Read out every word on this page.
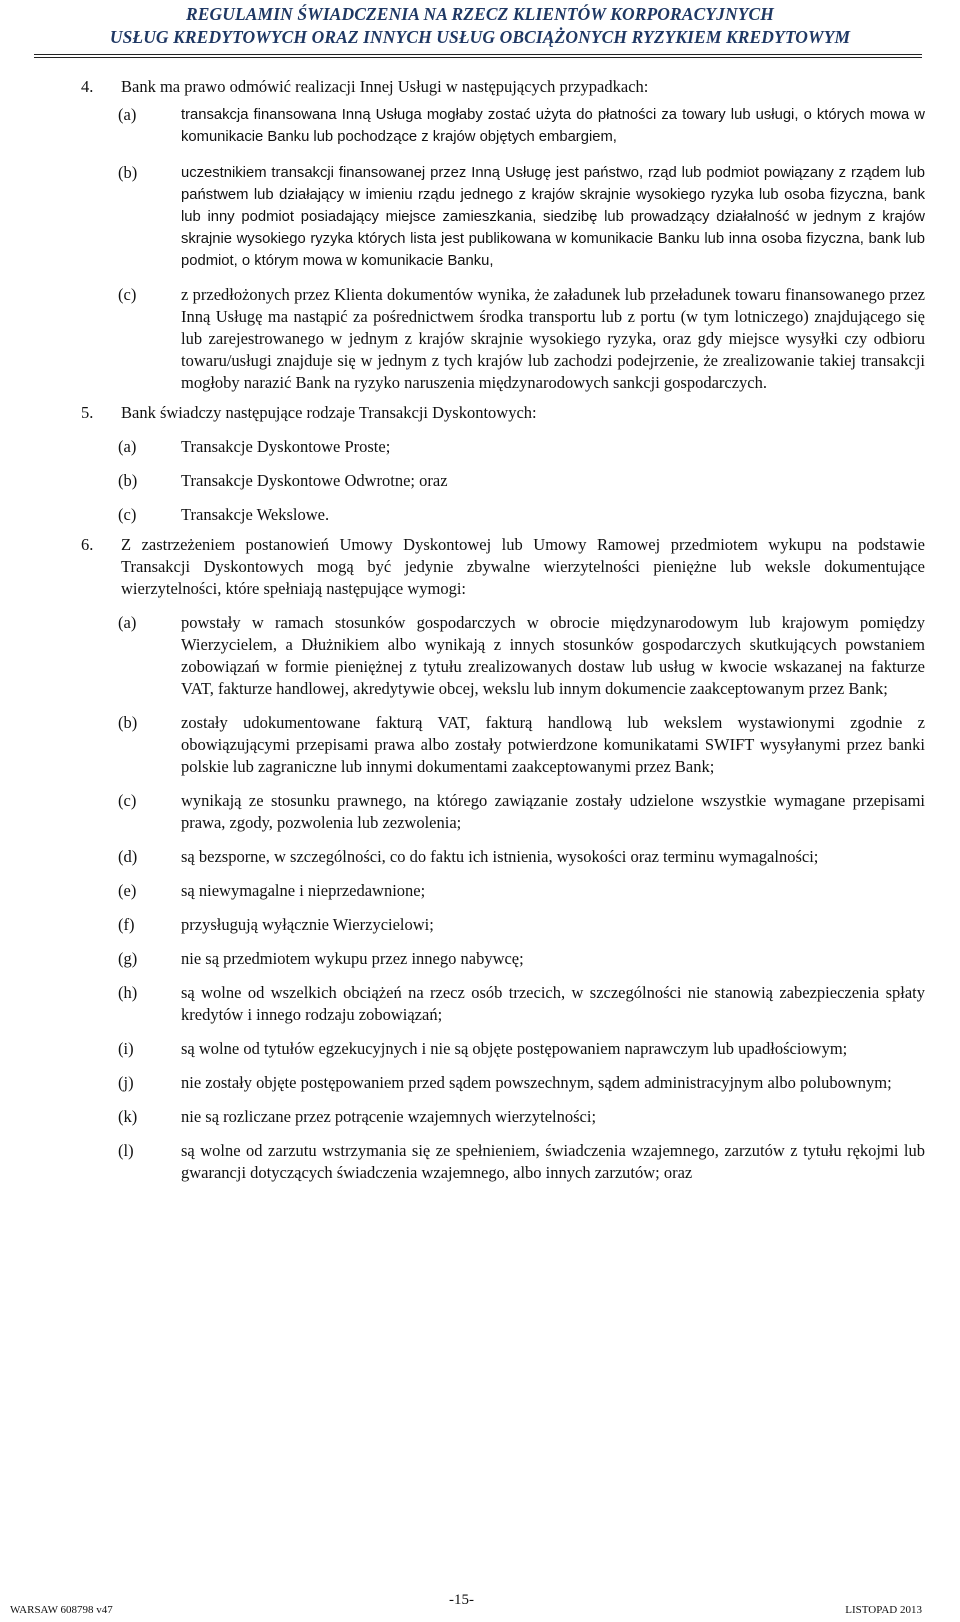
REGULAMIN ŚWIADCZENIA NA RZECZ KLIENTÓW KORPORACYJNYCH
USŁUG KREDYTOWYCH ORAZ INNYCH USŁUG OBCIĄŻONYCH RYZYKIEM KREDYTOWYM
4. Bank ma prawo odmówić realizacji Innej Usługi w następujących przypadkach:
(a)	transakcja finansowana Inną Usługa mogłaby zostać użyta do płatności za towary lub usługi, o których mowa w komunikacie Banku lub pochodzące z krajów objętych embargiem,
(b)	uczestnikiem transakcji finansowanej przez Inną Usługę jest państwo, rząd lub podmiot powiązany z rządem lub państwem lub działający w imieniu rządu jednego z krajów skrajnie wysokiego ryzyka lub osoba fizyczna, bank lub inny podmiot posiadający miejsce zamieszkania, siedzibę lub prowadzący działalność w jednym z krajów skrajnie wysokiego ryzyka których lista jest publikowana w komunikacie Banku lub inna osoba fizyczna, bank lub podmiot, o którym mowa w komunikacie Banku,
(c)	z przedłożonych przez Klienta dokumentów wynika, że załadunek lub przeładunek towaru finansowanego przez Inną Usługę ma nastąpić za pośrednictwem środka transportu lub z portu (w tym lotniczego) znajdującego się lub zarejestrowanego w jednym z krajów skrajnie wysokiego ryzyka, oraz gdy miejsce wysyłki czy odbioru towaru/usługi znajduje się w jednym z tych krajów lub zachodzi podejrzenie, że zrealizowanie takiej transakcji mogłoby narazić Bank na ryzyko naruszenia międzynarodowych sankcji gospodarczych.
5. Bank świadczy następujące rodzaje Transakcji Dyskontowych:
(a)	Transakcje Dyskontowe Proste;
(b)	Transakcje Dyskontowe Odwrotne; oraz
(c)	Transakcje Wekslowe.
6. Z zastrzeżeniem postanowień Umowy Dyskontowej lub Umowy Ramowej przedmiotem wykupu na podstawie Transakcji Dyskontowych mogą być jedynie zbywalne wierzytelności pieniężne lub weksle dokumentujące wierzytelności, które spełniają następujące wymogi:
(a)	powstały w ramach stosunków gospodarczych w obrocie międzynarodowym lub krajowym pomiędzy Wierzycielem, a Dłużnikiem albo wynikają z innych stosunków gospodarczych skutkujących powstaniem zobowiązań w formie pieniężnej z tytułu zrealizowanych dostaw lub usług w kwocie wskazanej na fakturze VAT, fakturze handlowej, akredytywie obcej, wekslu lub innym dokumencie zaakceptowanym przez Bank;
(b)	zostały udokumentowane fakturą VAT, fakturą handlową lub wekslem wystawionymi zgodnie z obowiązującymi przepisami prawa albo zostały potwierdzone komunikatami SWIFT wysyłanymi przez banki polskie lub zagraniczne lub innymi dokumentami zaakceptowanymi przez Bank;
(c)	wynikają ze stosunku prawnego, na którego zawiązanie zostały udzielone wszystkie wymagane przepisami prawa, zgody, pozwolenia lub zezwolenia;
(d)	są bezsporne, w szczególności, co do faktu ich istnienia, wysokości oraz terminu wymagalności;
(e)	są niewymagalne i nieprzedawnione;
(f)	przysługują wyłącznie Wierzycielowi;
(g)	nie są przedmiotem wykupu przez innego nabywcę;
(h)	są wolne od wszelkich obciążeń na rzecz osób trzecich, w szczególności nie stanowią zabezpieczenia spłaty kredytów i innego rodzaju zobowiązań;
(i)	są wolne od tytułów egzekucyjnych i nie są objęte postępowaniem naprawczym lub upadłościowym;
(j)	nie zostały objęte postępowaniem przed sądem powszechnym, sądem administracyjnym albo polubownym;
(k)	nie są rozliczane przez potrącenie wzajemnych wierzytelności;
(l)	są wolne od zarzutu wstrzymania się ze spełnieniem, świadczenia wzajemnego, zarzutów z tytułu rękojmi lub gwarancji dotyczących świadczenia wzajemnego, albo innych zarzutów; oraz
WARSAW 608798 v47
-15-
LISTOPAD 2013
